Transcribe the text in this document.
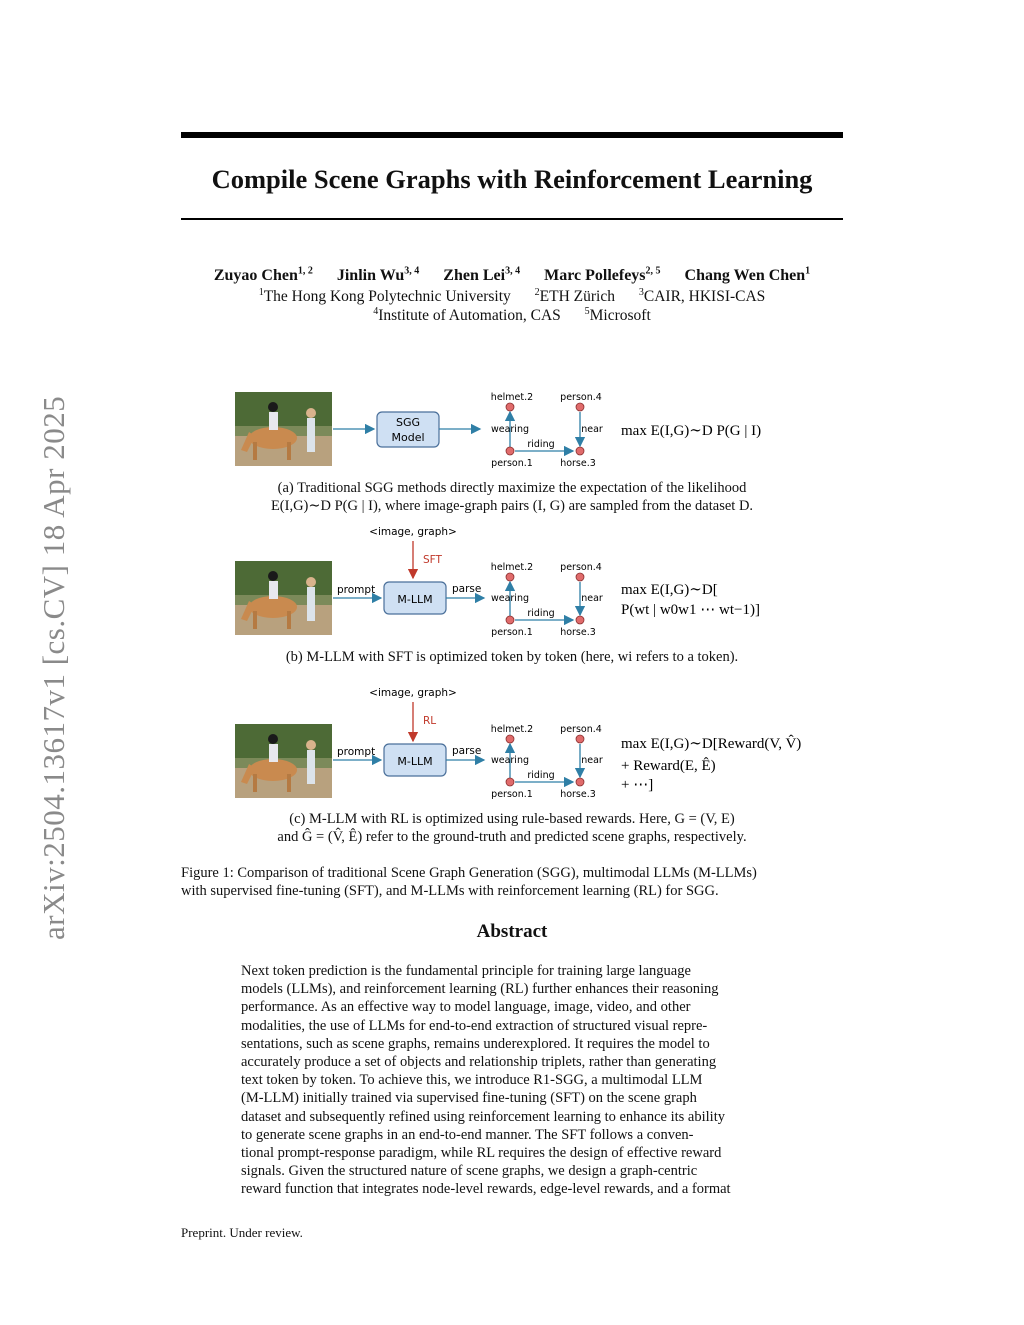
arXiv:2504.13617v1 [cs.CV] 18 Apr 2025
Compile Scene Graphs with Reinforcement Learning
Zuyao Chen$^{1, 2}$ Jinlin Wu$^{3, 4}$ Zhen Lei$^{3, 4}$ Marc Pollefeys$^{2, 5}$ Chang Wen Chen$^1$
$^1$The Hong Kong Polytechnic University $^2$ETH Zürich $^3$CAIR, HKISI-CAS
$^4$Institute of Automation, CAS $^5$Microsoft
SGG
Model
helmet.2	person.4
person.1	horse.3
wearing	near
riding
max E(I,G)∼D P(G | I)
<image, graph>
SFT
prompt
M-LLM
parse
helmet.2	person.4
person.1	horse.3
wearing	near
riding
max E(I,G)∼D[
P(wt | w0w1 ⋯ wt−1)]
<image, graph>
RL
prompt
M-LLM
parse
helmet.2	person.4
person.1	horse.3
wearing	near
riding
max E(I,G)∼D[Reward(V, V̂)
+ Reward(E, Ê)
+ ⋯]
(a) Traditional SGG methods directly maximize the expectation of the likelihood
E(I,G)∼D P(G | I), where image-graph pairs (I, G) are sampled from the dataset D.
(b) M-LLM with SFT is optimized token by token (here, wi refers to a token).
(c) M-LLM with RL is optimized using rule-based rewards. Here, G = (V, E)
and Ĝ = (V̂, Ê) refer to the ground-truth and predicted scene graphs, respectively.
Figure 1: Comparison of traditional Scene Graph Generation (SGG), multimodal LLMs (M-LLMs)
with supervised fine-tuning (SFT), and M-LLMs with reinforcement learning (RL) for SGG.
Abstract
Next token prediction is the fundamental principle for training large language
models (LLMs), and reinforcement learning (RL) further enhances their reasoning
performance. As an effective way to model language, image, video, and other
modalities, the use of LLMs for end-to-end extraction of structured visual repre-
sentations, such as scene graphs, remains underexplored. It requires the model to
accurately produce a set of objects and relationship triplets, rather than generating
text token by token. To achieve this, we introduce R1-SGG, a multimodal LLM
(M-LLM) initially trained via supervised fine-tuning (SFT) on the scene graph
dataset and subsequently refined using reinforcement learning to enhance its ability
to generate scene graphs in an end-to-end manner. The SFT follows a conven-
tional prompt-response paradigm, while RL requires the design of effective reward
signals. Given the structured nature of scene graphs, we design a graph-centric
reward function that integrates node-level rewards, edge-level rewards, and a format
Preprint. Under review.
